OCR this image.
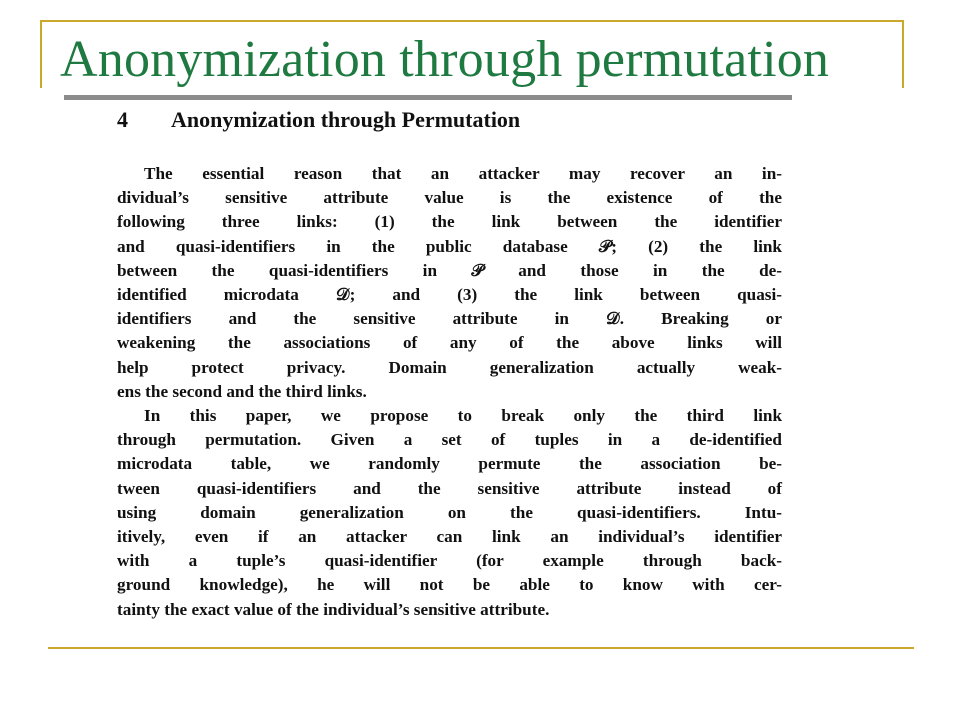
Anonymization through permutation
4 Anonymization through Permutation

The essential reason that an attacker may recover an in-
dividual’s sensitive attribute value is the existence of the
following three links: (1) the link between the identifier
and quasi-identifiers in the public database 𝒫; (2) the link
between the quasi-identifiers in 𝒫 and those in the de-
identified microdata 𝒟; and (3) the link between quasi-
identifiers and the sensitive attribute in 𝒟. Breaking or
weakening the associations of any of the above links will
help protect privacy. Domain generalization actually weak-
ens the second and the third links.

In this paper, we propose to break only the third link
through permutation. Given a set of tuples in a de-identified
microdata table, we randomly permute the association be-
tween quasi-identifiers and the sensitive attribute instead of
using domain generalization on the quasi-identifiers. Intu-
itively, even if an attacker can link an individual’s identifier
with a tuple’s quasi-identifier (for example through back-
ground knowledge), he will not be able to know with cer-
tainty the exact value of the individual’s sensitive attribute.
